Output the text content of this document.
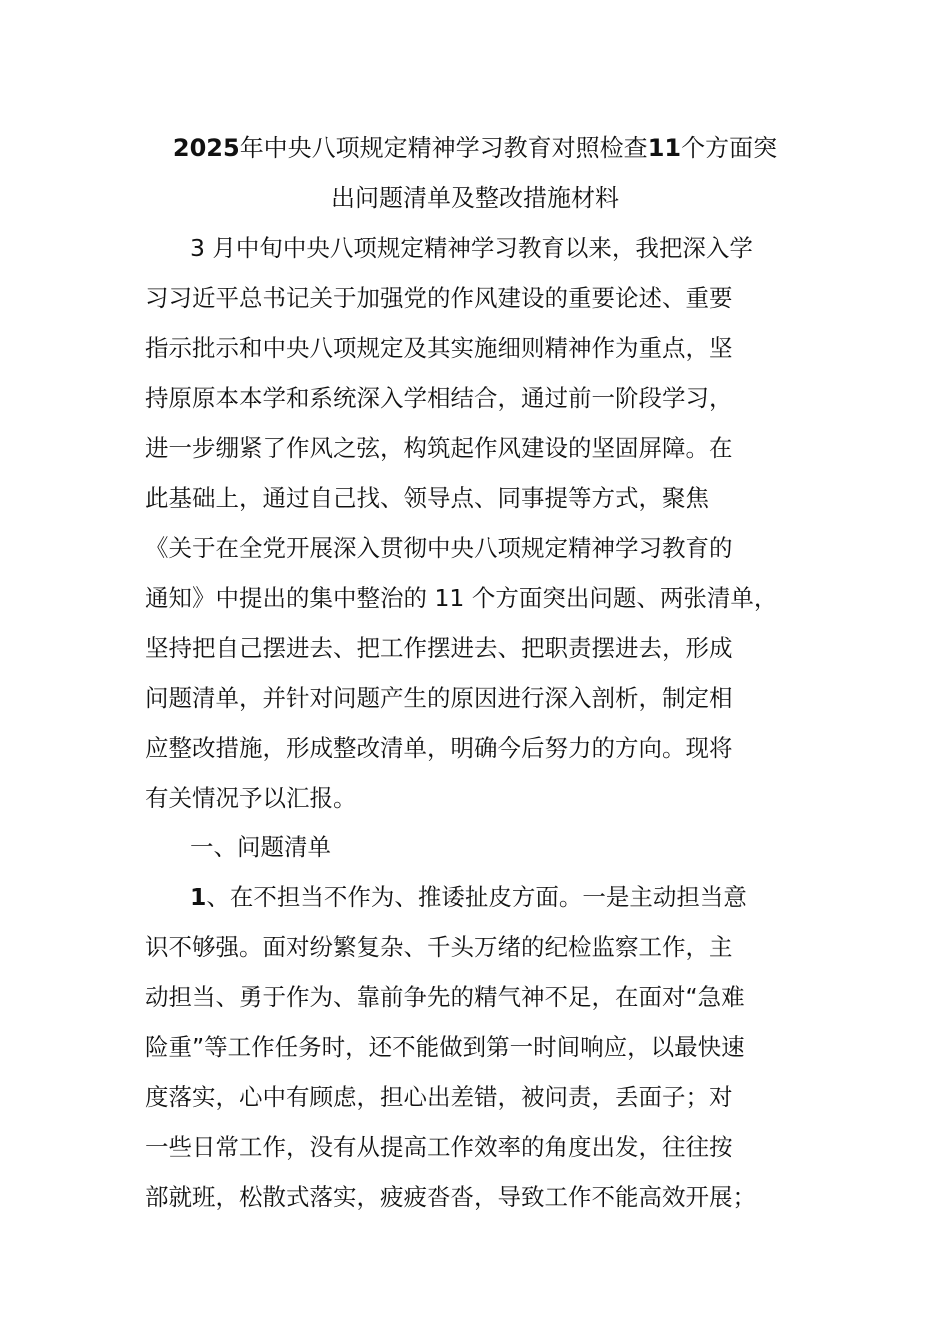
2025年中央八项规定精神学习教育对照检查11个方面突
出问题清单及整改措施材料
3 月中旬中央八项规定精神学习教育以来，我把深入学
习习近平总书记关于加强党的作风建设的重要论述、重要
指示批示和中央八项规定及其实施细则精神作为重点，坚
持原原本本学和系统深入学相结合，通过前一阶段学习，
进一步绷紧了作风之弦，构筑起作风建设的坚固屏障。在
此基础上，通过自己找、领导点、同事提等方式，聚焦
《关于在全党开展深入贯彻中央八项规定精神学习教育的
通知》中提出的集中整治的 11 个方面突出问题、两张清单，
坚持把自己摆进去、把工作摆进去、把职责摆进去，形成
问题清单，并针对问题产生的原因进行深入剖析，制定相
应整改措施，形成整改清单，明确今后努力的方向。现将
有关情况予以汇报。
一、问题清单
1、在不担当不作为、推诿扯皮方面。一是主动担当意
识不够强。面对纷繁复杂、千头万绪的纪检监察工作，主
动担当、勇于作为、靠前争先的精气神不足，在面对“急难
险重”等工作任务时，还不能做到第一时间响应，以最快速
度落实，心中有顾虑，担心出差错，被问责，丢面子；对
一些日常工作，没有从提高工作效率的角度出发，往往按
部就班，松散式落实，疲疲沓沓，导致工作不能高效开展；
